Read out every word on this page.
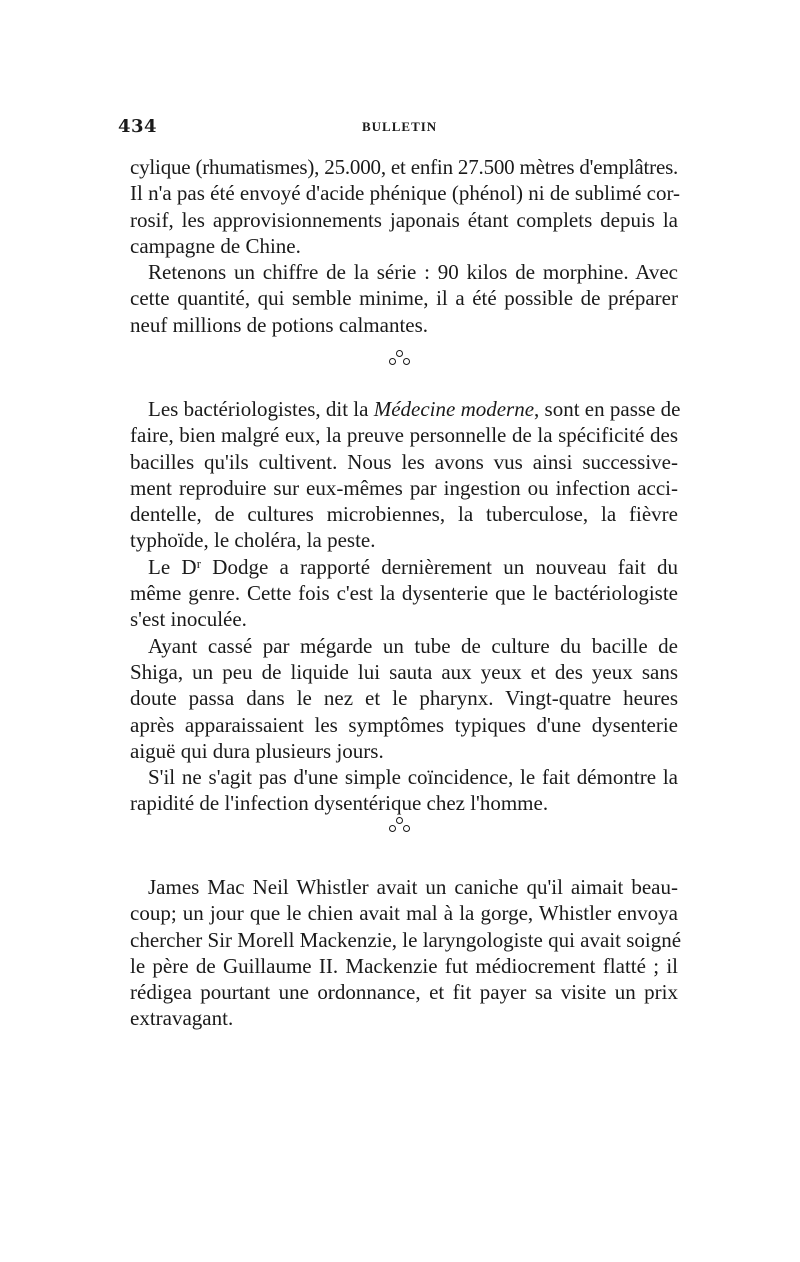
434	BULLETIN
cylique (rhumatismes), 25.000, et enfin 27.500 mètres d'emplâtres.
Il n'a pas été envoyé d'acide phénique (phénol) ni de sublimé cor-
rosif, les approvisionnements japonais étant complets depuis la
campagne de Chine.
Retenons un chiffre de la série : 90 kilos de morphine. Avec
cette quantité, qui semble minime, il a été possible de préparer
neuf millions de potions calmantes.
Les bactériologistes, dit la Médecine moderne, sont en passe de
faire, bien malgré eux, la preuve personnelle de la spécificité des
bacilles qu'ils cultivent. Nous les avons vus ainsi successive-
ment reproduire sur eux-mêmes par ingestion ou infection acci-
dentelle, de cultures microbiennes, la tuberculose, la fièvre
typhoïde, le choléra, la peste.
Le Dʳ Dodge a rapporté dernièrement un nouveau fait du
même genre. Cette fois c'est la dysenterie que le bactériologiste
s'est inoculée.
Ayant cassé par mégarde un tube de culture du bacille de
Shiga, un peu de liquide lui sauta aux yeux et des yeux sans
doute passa dans le nez et le pharynx. Vingt-quatre heures
après apparaissaient les symptômes typiques d'une dysenterie
aiguë qui dura plusieurs jours.
S'il ne s'agit pas d'une simple coïncidence, le fait démontre la
rapidité de l'infection dysentérique chez l'homme.
James Mac Neil Whistler avait un caniche qu'il aimait beau-
coup; un jour que le chien avait mal à la gorge, Whistler envoya
chercher Sir Morell Mackenzie, le laryngologiste qui avait soigné
le père de Guillaume II. Mackenzie fut médiocrement flatté ; il
rédigea pourtant une ordonnance, et fit payer sa visite un prix
extravagant.
